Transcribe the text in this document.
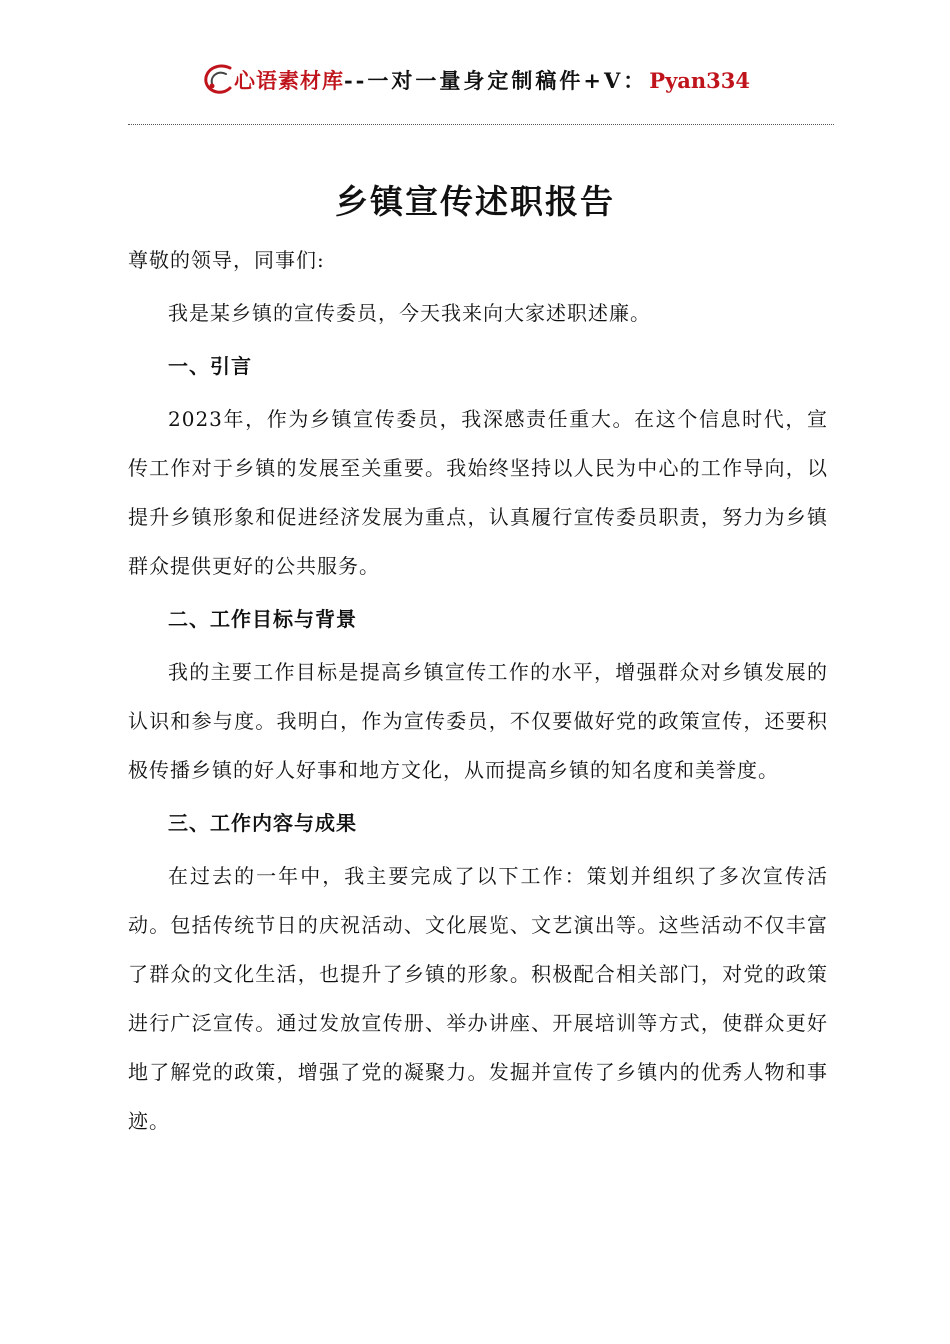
心语素材库 --一对一量身定制稿件+V： Pyan334
乡镇宣传述职报告

尊敬的领导，同事们:

我是某乡镇的宣传委员，今天我来向大家述职述廉。

一、引言

2023年，作为乡镇宣传委员，我深感责任重大。在这个信息时代，宣传工作对于乡镇的发展至关重要。我始终坚持以人民为中心的工作导向，以提升乡镇形象和促进经济发展为重点，认真履行宣传委员职责，努力为乡镇群众提供更好的公共服务。

二、工作目标与背景

我的主要工作目标是提高乡镇宣传工作的水平，增强群众对乡镇发展的认识和参与度。我明白，作为宣传委员，不仅要做好党的政策宣传，还要积极传播乡镇的好人好事和地方文化，从而提高乡镇的知名度和美誉度。

三、工作内容与成果

在过去的一年中，我主要完成了以下工作：策划并组织了多次宣传活动。包括传统节日的庆祝活动、文化展览、文艺演出等。这些活动不仅丰富了群众的文化生活，也提升了乡镇的形象。积极配合相关部门，对党的政策进行广泛宣传。通过发放宣传册、举办讲座、开展培训等方式，使群众更好地了解党的政策，增强了党的凝聚力。发掘并宣传了乡镇内的优秀人物和事迹。
